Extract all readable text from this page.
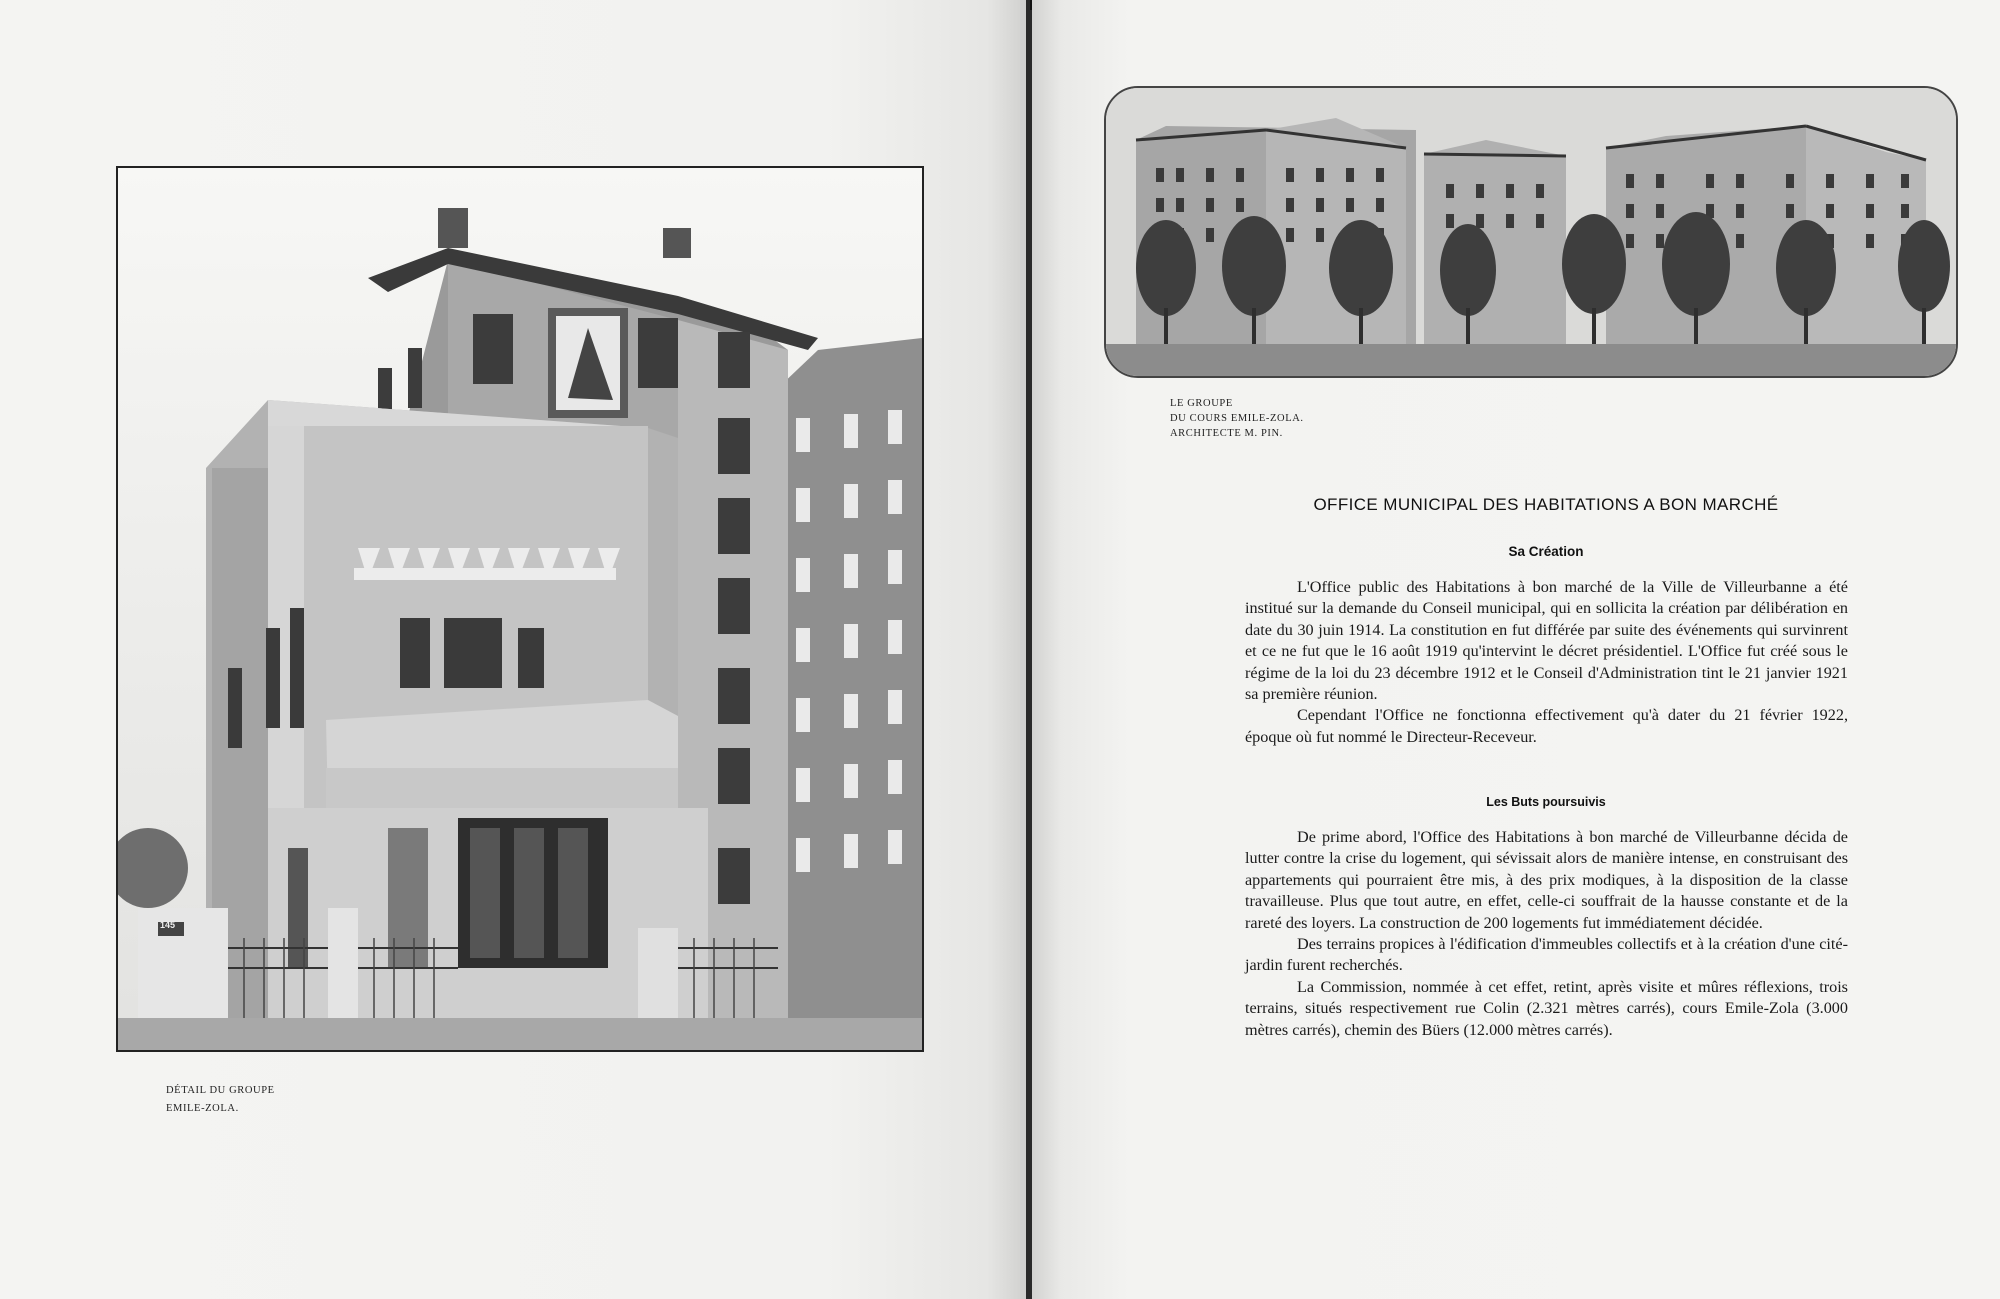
145
DÉTAIL DU GROUPE
EMILE-ZOLA.
LE GROUPE
DU COURS EMILE-ZOLA.
ARCHITECTE M. PIN.
OFFICE MUNICIPAL DES HABITATIONS A BON MARCHÉ
Sa Création

L'Office public des Habitations à bon marché de la Ville de Villeurbanne a été institué sur la demande du Conseil municipal, qui en sollicita la création par délibération en date du 30 juin 1914. La constitution en fut différée par suite des événements qui survinrent et ce ne fut que le 16 août 1919 qu'intervint le décret présidentiel. L'Office fut créé sous le régime de la loi du 23 décembre 1912 et le Conseil d'Administration tint le 21 janvier 1921 sa première réunion.

Cependant l'Office ne fonctionna effectivement qu'à dater du 21 février 1922, époque où fut nommé le Directeur-Receveur.

Les Buts poursuivis

De prime abord, l'Office des Habitations à bon marché de Villeurbanne décida de lutter contre la crise du logement, qui sévissait alors de manière intense, en construisant des appartements qui pourraient être mis, à des prix modiques, à la disposition de la classe travailleuse. Plus que tout autre, en effet, celle-ci souffrait de la hausse constante et de la rareté des loyers. La construction de 200 logements fut immédiatement décidée.

Des terrains propices à l'édification d'immeubles collectifs et à la création d'une cité-jardin furent recherchés.

La Commission, nommée à cet effet, retint, après visite et mûres réflexions, trois terrains, situés respectivement rue Colin (2.321 mètres carrés), cours Emile-Zola (3.000 mètres carrés), chemin des Büers (12.000 mètres carrés).
